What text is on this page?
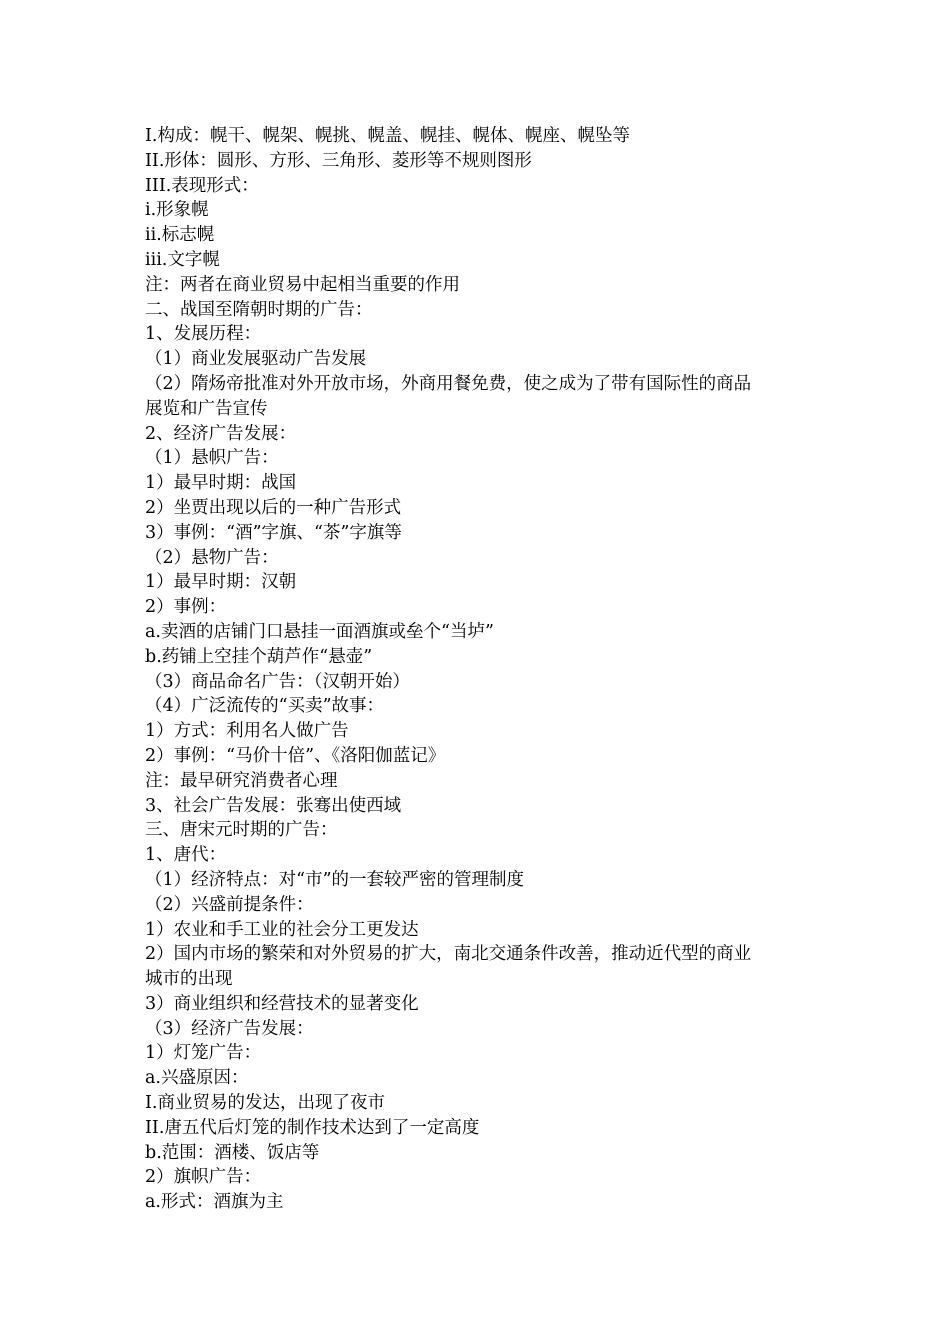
I.构成：幌干、幌架、幌挑、幌盖、幌挂、幌体、幌座、幌坠等

II.形体：圆形、方形、三角形、菱形等不规则图形

III.表现形式：

i.形象幌

ii.标志幌

iii.文字幌

注：两者在商业贸易中起相当重要的作用

二、战国至隋朝时期的广告：

1、发展历程：

（1）商业发展驱动广告发展

（2）隋炀帝批准对外开放市场，外商用餐免费，使之成为了带有国际性的商品

展览和广告宣传

2、经济广告发展：

（1）悬帜广告：

1）最早时期：战国

2）坐贾出现以后的一种广告形式

3）事例：“酒”字旗、“茶”字旗等

（2）悬物广告：

1）最早时期：汉朝

2）事例：

a.卖酒的店铺门口悬挂一面酒旗或垒个“当垆”

b.药铺上空挂个葫芦作“悬壶”

（3）商品命名广告：（汉朝开始）

（4）广泛流传的“买卖”故事：

1）方式：利用名人做广告

2）事例：“马价十倍”、《洛阳伽蓝记》

注：最早研究消费者心理

3、社会广告发展：张骞出使西域

三、唐宋元时期的广告：

1、唐代：

（1）经济特点：对“市”的一套较严密的管理制度

（2）兴盛前提条件：

1）农业和手工业的社会分工更发达

2）国内市场的繁荣和对外贸易的扩大，南北交通条件改善，推动近代型的商业

城市的出现

3）商业组织和经营技术的显著变化

（3）经济广告发展：

1）灯笼广告：

a.兴盛原因：

I.商业贸易的发达，出现了夜市

II.唐五代后灯笼的制作技术达到了一定高度

b.范围：酒楼、饭店等

2）旗帜广告：

a.形式：酒旗为主
